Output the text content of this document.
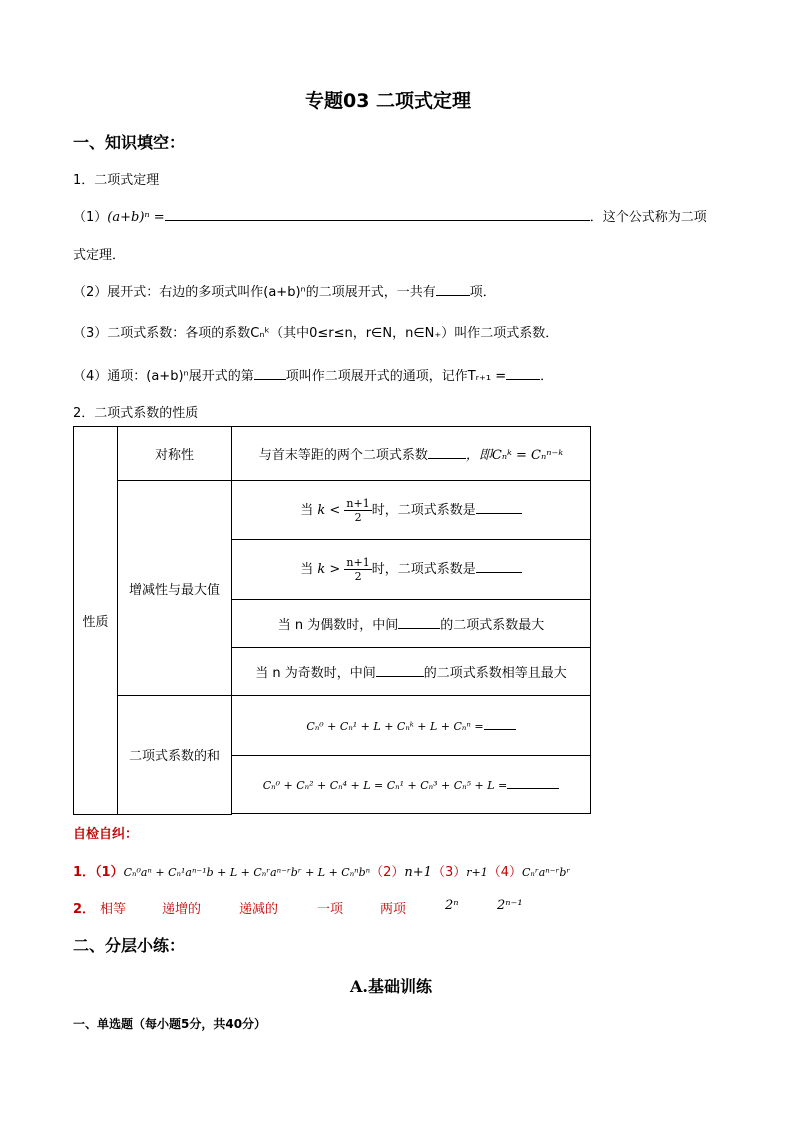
专题03 二项式定理
一、知识填空：
1．二项式定理
（1）(a+b)ⁿ =	．这个公式称为二项
式定理．
（2）展开式：右边的多项式叫作(a+b)ⁿ的二项展开式，一共有	项．
（3）二项式系数：各项的系数Cₙᵏ（其中0≤r≤n，r∈N，n∈N₊）叫作二项式系数．
（4）通项：(a+b)ⁿ展开式的第 项叫作二项展开式的通项，记作Tᵣ₊₁ =	．
2．二项式系数的性质
性质	对称性	与首末等距的两个二项式系数 ，即Cₙᵏ = Cₙⁿ⁻ᵏ
	增减性与最大值	当 $k < \frac{n+1}{2}$ 时，二项式系数是
		当 $k > \frac{n+1}{2}$ 时，二项式系数是
		当 n 为偶数时，中间 的二项式系数最大
		当 n 为奇数时，中间 的二项式系数相等且最大
	二项式系数的和	Cₙ⁰ + Cₙ¹ + L + Cₙᵏ + L + Cₙⁿ =
		Cₙ⁰ + Cₙ² + Cₙ⁴ + L = Cₙ¹ + Cₙ³ + Cₙ⁵ + L =

自检自纠：
1．（1）Cₙ⁰aⁿ + Cₙ¹aⁿ⁻¹b + L + Cₙʳaⁿ⁻ʳbʳ + L + Cₙⁿbⁿ（2）n+1（3）r+1（4）Cₙʳaⁿ⁻ʳbʳ
2． 相等	递增的	递减的	一项	两项	2ⁿ	2ⁿ⁻¹
二、分层小练：
A.基础训练
一、单选题（每小题5分，共40分）
